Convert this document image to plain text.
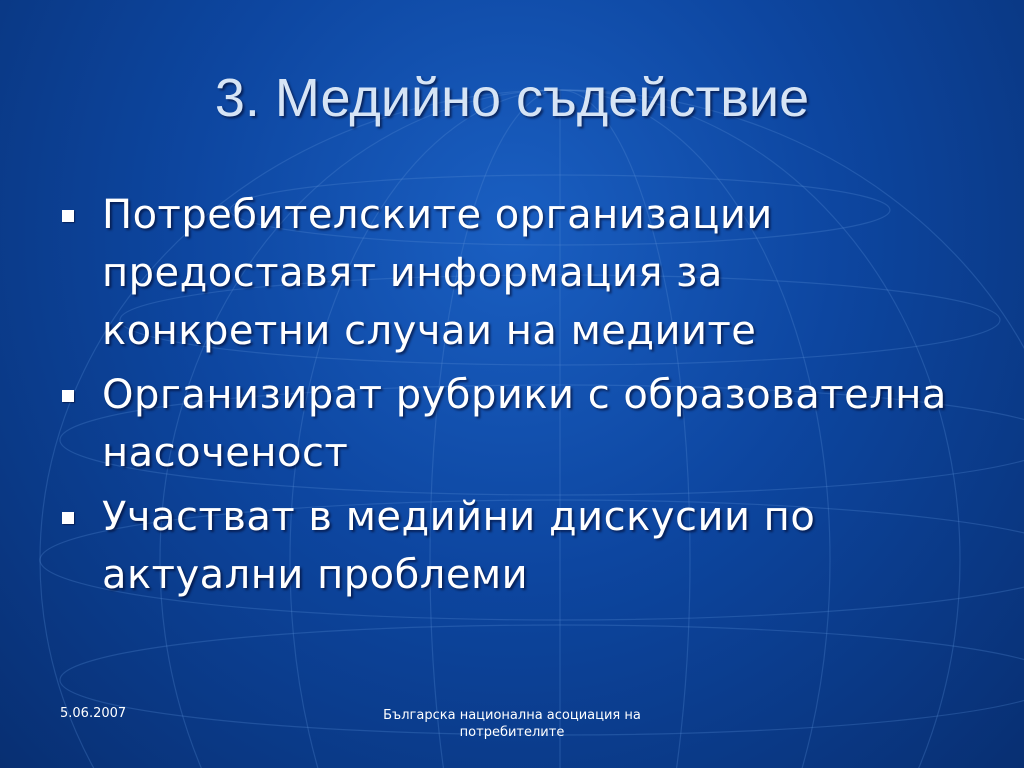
3. Медийно съдействие
Потребителските организации предоставят информация за конкретни случаи на медиите
Организират рубрики с образователна насоченост
Участват в медийни дискусии по актуални проблеми
5.06.2007	Българска национална асоциация на потребителите
